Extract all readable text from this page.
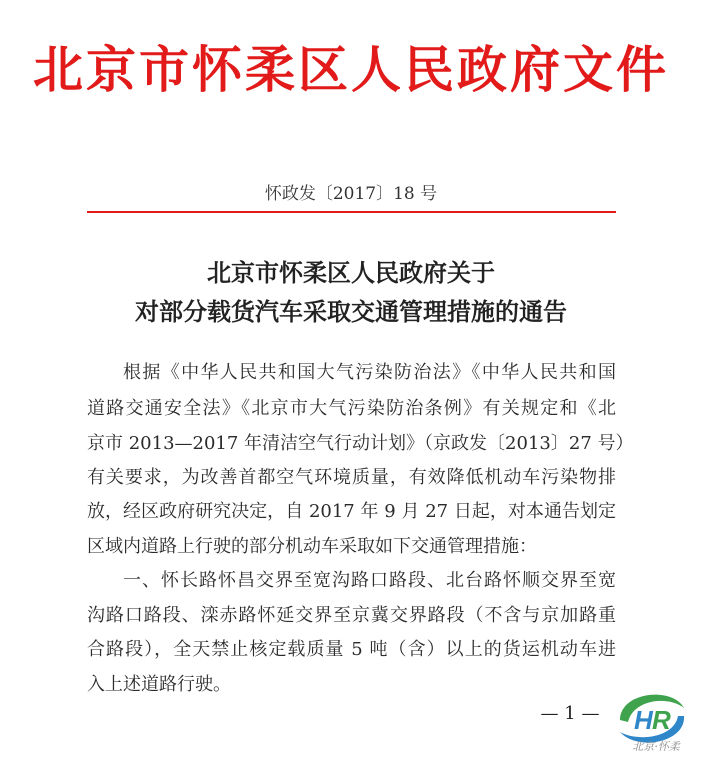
北京市怀柔区人民政府文件
怀政发〔2017〕18 号
北京市怀柔区人民政府关于
对部分载货汽车采取交通管理措施的通告
根据《中华人民共和国大气污染防治法》《中华人民共和国
道路交通安全法》《北京市大气污染防治条例》有关规定和《北
京市 2013—2017 年清洁空气行动计划》（京政发〔2013〕27 号）
有关要求，为改善首都空气环境质量，有效降低机动车污染物排
放，经区政府研究决定，自 2017 年 9 月 27 日起，对本通告划定
区域内道路上行驶的部分机动车采取如下交通管理措施：
一、怀长路怀昌交界至宽沟路口路段、北台路怀顺交界至宽
沟路口路段、滦赤路怀延交界至京冀交界路段（不含与京加路重
合路段），全天禁止核定载质量 5 吨（含）以上的货运机动车进
入上述道路行驶。
— 1 —	H R
北京·怀柔
